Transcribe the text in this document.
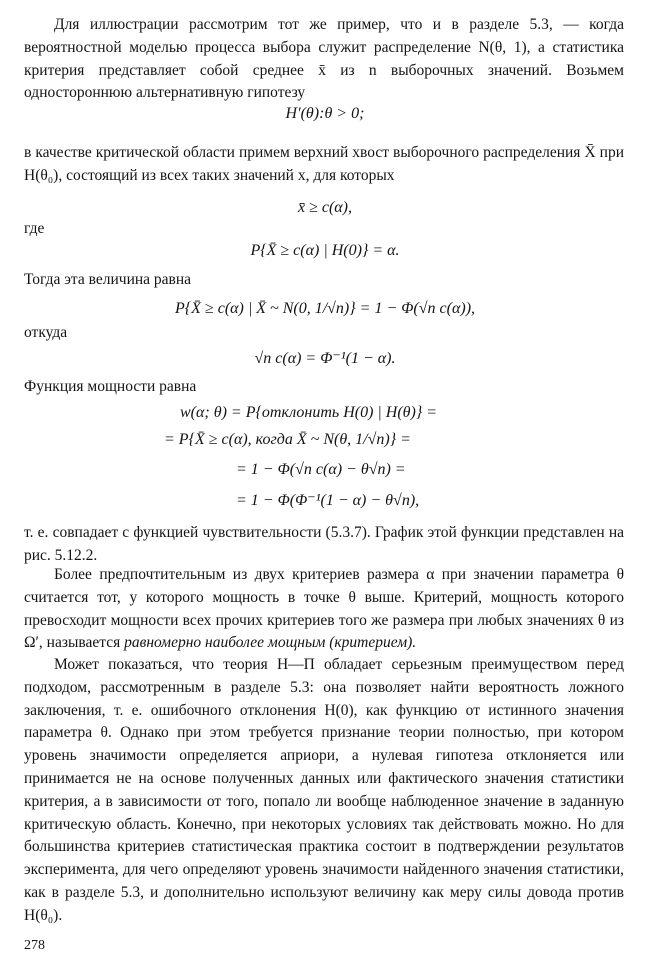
Для иллюстрации рассмотрим тот же пример, что и в разделе 5.3, — когда вероятностной моделью процесса выбора служит распределение N(θ, 1), а статистика критерия представляет собой среднее x̄ из n выборочных значений. Возьмем одностороннюю альтернативную гипотезу
H′(θ):θ > 0;
в качестве критической области примем верхний хвост выборочного распределения X̄ при H(θ₀), состоящий из всех таких значений x, для которых
x̄ ≥ c(α),
где
P{X̄ ≥ c(α) | H(0)} = α.
Тогда эта величина равна
P{X̄ ≥ c(α) | X̄ ~ N(0, 1/√n)} = 1 − Φ(√n c(α)),
откуда
√n c(α) = Φ⁻¹(1 − α).
Функция мощности равна
w(α; θ) = P{отклонить H(0) | H(θ)} =
= P{X̄ ≥ c(α), когда X̄ ~ N(θ, 1/√n)} =
= 1 − Φ(√n c(α) − θ√n) =
= 1 − Φ(Φ⁻¹(1 − α) − θ√n),
т. е. совпадает с функцией чувствительности (5.3.7). График этой функции представлен на рис. 5.12.2.
Более предпочтительным из двух критериев размера α при значении параметра θ считается тот, у которого мощность в точке θ выше. Критерий, мощность которого превосходит мощности всех прочих критериев того же размера при любых значениях θ из Ω′, называется равномерно наиболее мощным (критерием).
Может показаться, что теория Н—П обладает серьезным преимуществом перед подходом, рассмотренным в разделе 5.3: она позволяет найти вероятность ложного заключения, т. е. ошибочного отклонения H(0), как функцию от истинного значения параметра θ. Однако при этом требуется признание теории полностью, при котором уровень значимости определяется априори, а нулевая гипотеза отклоняется или принимается не на основе полученных данных или фактического значения статистики критерия, а в зависимости от того, попало ли вообще наблюденное значение в заданную критическую область. Конечно, при некоторых условиях так действовать можно. Но для большинства критериев статистическая практика состоит в подтверждении результатов эксперимента, для чего определяют уровень значимости найденного значения статистики, как в разделе 5.3, и дополнительно используют величину как меру силы довода против H(θ₀).
278
